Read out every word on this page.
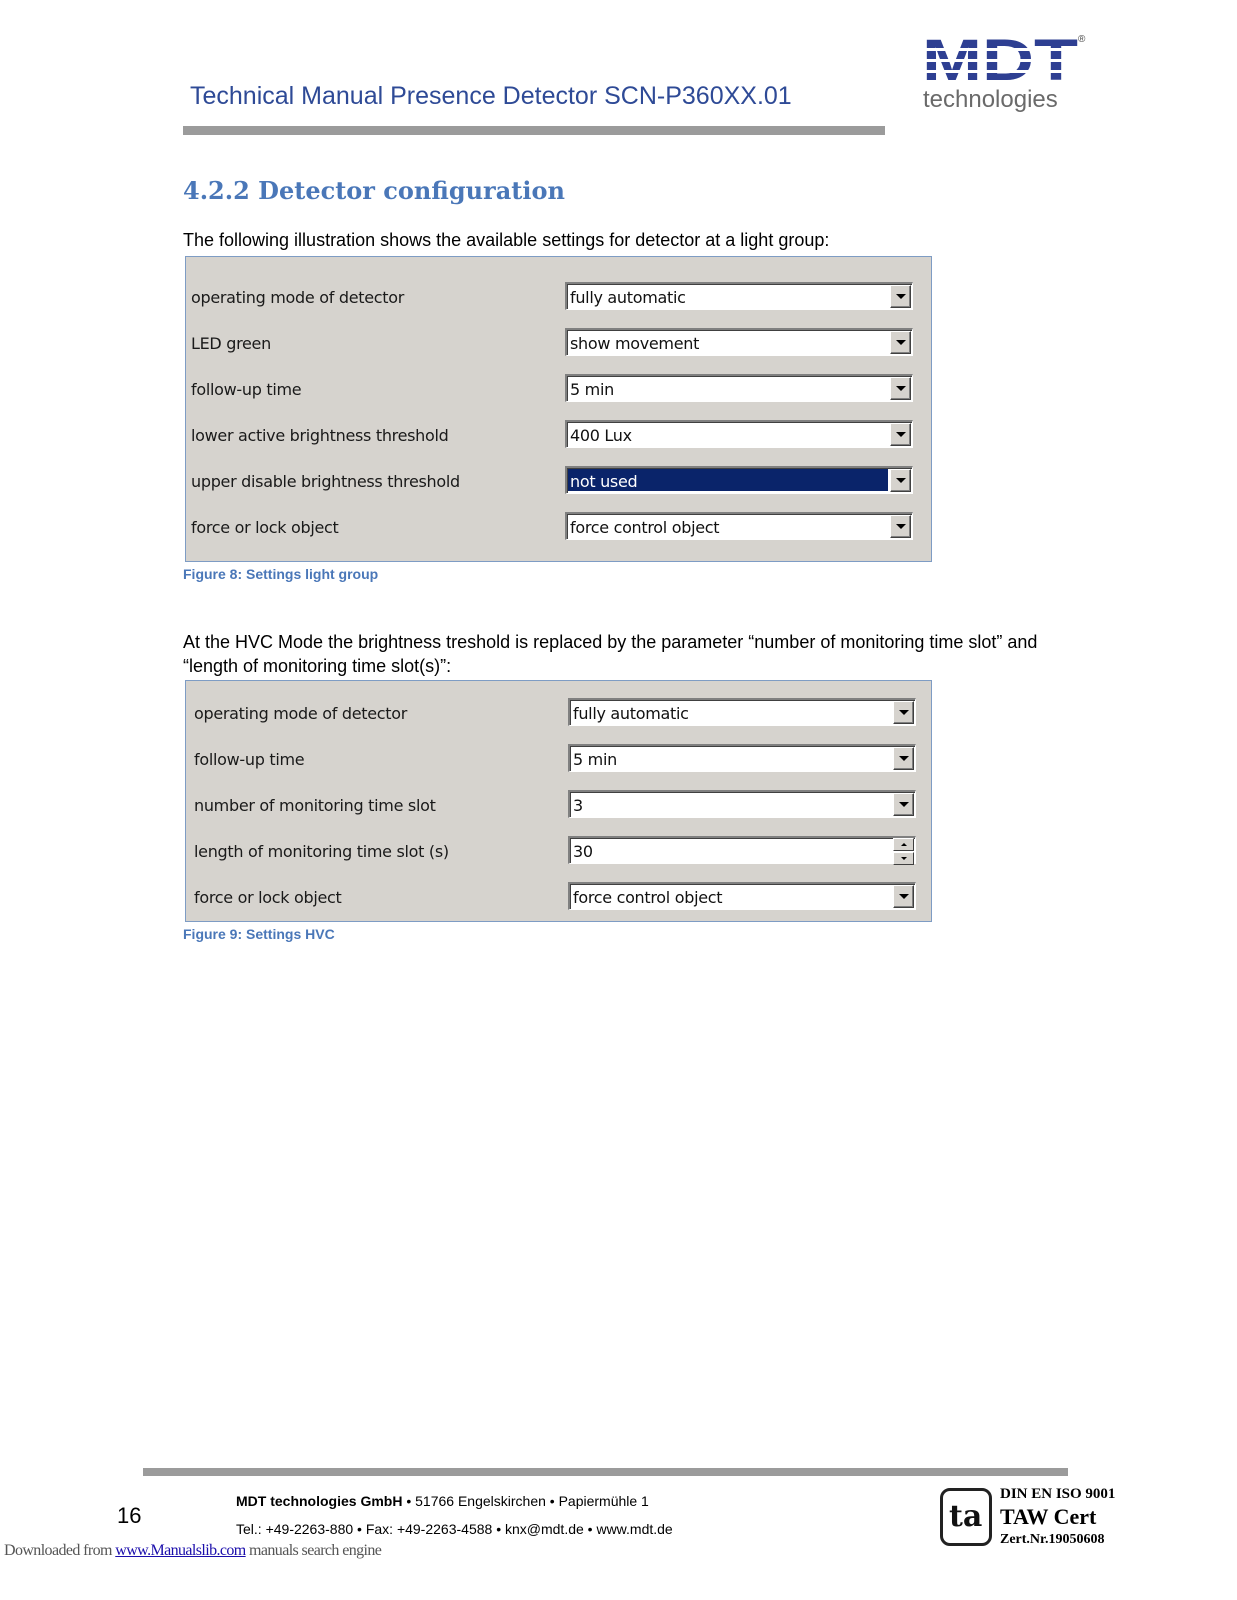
Technical Manual Presence Detector SCN-P360XX.01
®
technologies
4.2.2 Detector configuration
The following illustration shows the available settings for detector at a light group:
operating mode of detector	fully automatic
LED green	show movement
follow-up time	5 min
lower active brightness threshold	400 Lux
upper disable brightness threshold	not used
force or lock object	force control object
Figure 8: Settings light group
At the HVC Mode the brightness treshold is replaced by the parameter “number of monitoring time slot” and “length of monitoring time slot(s)”:
operating mode of detector	fully automatic
follow-up time	5 min
number of monitoring time slot	3
length of monitoring time slot (s)	30
force or lock object	force control object
Figure 9: Settings HVC
16
MDT technologies GmbH • 51766 Engelskirchen • Papiermühle 1
Tel.: +49-2263-880 • Fax: +49-2263-4588 • knx@mdt.de • www.mdt.de	ta
DIN EN ISO 9001
TAW Cert
Zert.Nr.19050608
Downloaded from www.Manualslib.com manuals search engine
